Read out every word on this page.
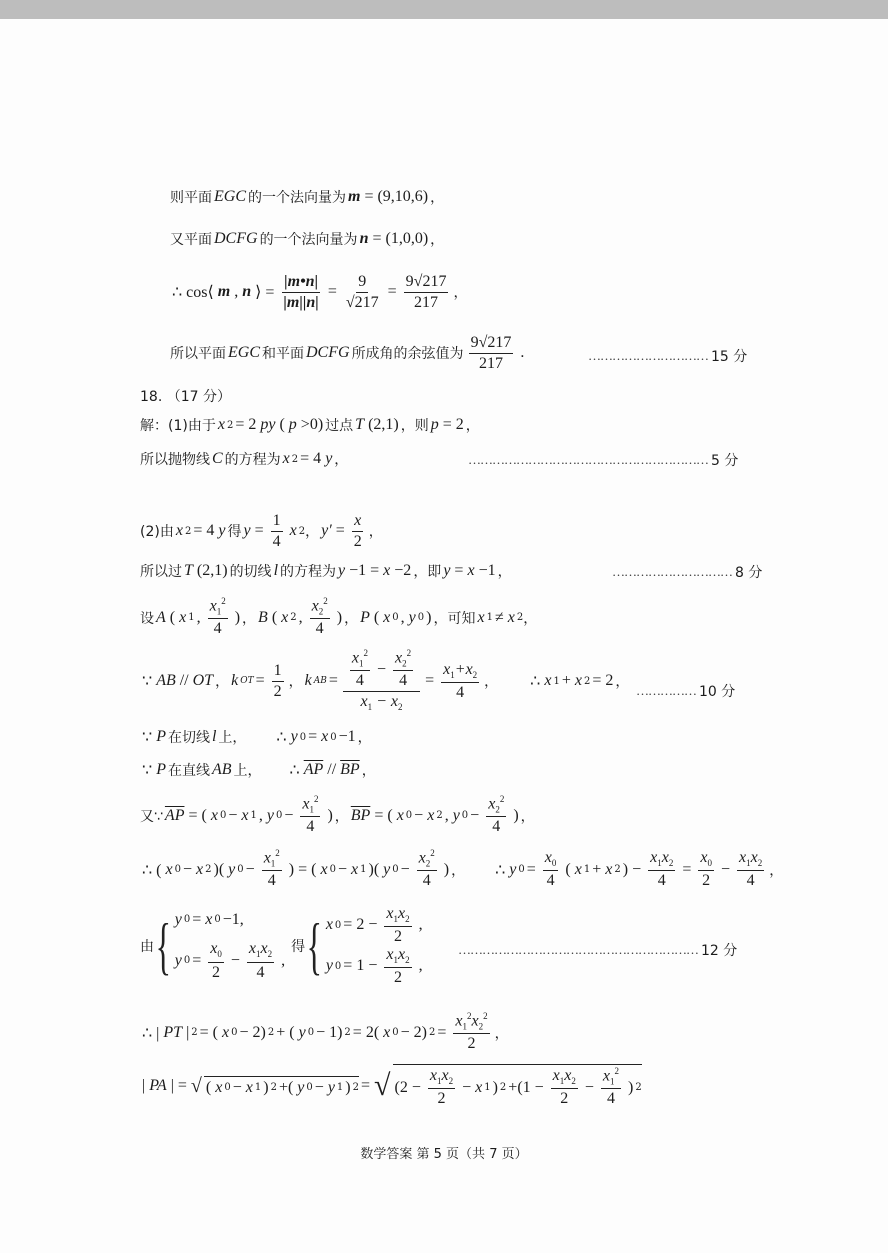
则平面 EGC 的一个法向量为 m = (9,10,6) ，
又平面 DCFG 的一个法向量为 n = (1,0,0) ，
∴ cos⟨ m , n ⟩ = $\frac{|m•n|}{|m||n|} = \frac{9}{√217} = \frac{9√217}{217}$ ，
所以平面 EGC 和平面 DCFG 所成角的余弦值为 $\frac{9√217}{217}$ .	………………………… 15 分
18. （17 分）
解：(1)由于 x 2 = 2 py ( p >0) 过点 T (2,1) ，则 p = 2 ，
所以抛物线 C 的方程为 x 2 = 4 y ，	…………………………………………………… 5 分
(2)由 x 2 = 4 y 得 $y = \frac{1}{4}$ x 2 ， $y' = \frac{x}{2}$ ，
所以过 T (2,1) 的切线 l 的方程为 y −1 = x −2 ，即 y = x −1 ，	………………………… 8 分
设 A ( x 1 , $\frac{x_1^2}{4}$ ) ， B ( x 2 , $\frac{x_2^2}{4}$ ) ， P ( x 0 , y 0 ) ，可知 x 1 ≠ x 2 ，
∵ AB // OT ， k OT = $\frac{1}{2}$ ， k AB = $\frac{\frac{x_1^2}{4} - \frac{x_2^2}{4}}{x_1 - x_2} = \frac{x_1+x_2}{4}$ ， ∴ x 1 + x 2 = 2 ，
…………… 10 分
∵ P 在切线 l 上， ∴ y 0 = x 0 −1 ，
∵ P 在直线 AB 上， ∴ $\overline{AP} // \overline{BP}$ ，
又∵ $\overline{AP}$ = ( x 0 − x 1 , y $0 - \frac{x_1^2}{4}$ ) ， $\overline{BP}$ = ( x 0 − x 2 , y $0 - \frac{x_2^2}{4}$ ) ，
∴ ( x 0 − x 2 )( y $0 - \frac{x_1^2}{4}$ ) = ( x 0 − x 1 )( y $0 - \frac{x_2^2}{4}$ ) ， ∴ y $0 = \frac{x_0}{4}$ ( x 1 + x 2 ) − $\frac{x_1x_2}{4} = \frac{x_0}{2} - \frac{x_1x_2}{4}$ ，
由 { y 0 = x 0 −1,
y $0 = \frac{x_0}{2} - \frac{x_1x_2}{4}$ ,
得 { x $0 = 2 - \frac{x_1x_2}{2}$ ,
y $0 = 1 - \frac{x_1x_2}{2}$ ,
…………………………………………………… 12 分
∴ | PT | 2 = ( x 0 − 2) 2 + ( y 0 − 1) 2 = 2( x 0 − 2) $2 = \frac{x_1^2x_2^2}{2}$ ，
| PA | = √ ( x 0 − x 1 ) 2 +( y 0 − y 1 ) 2 = √ ($2 - \frac{x_1x_2}{2} - x$ 1 ) $2 +(1 - \frac{x_1x_2}{2} - \frac{x_1^2}{4}$ ) 2
数学答案 第 5 页（共 7 页）
